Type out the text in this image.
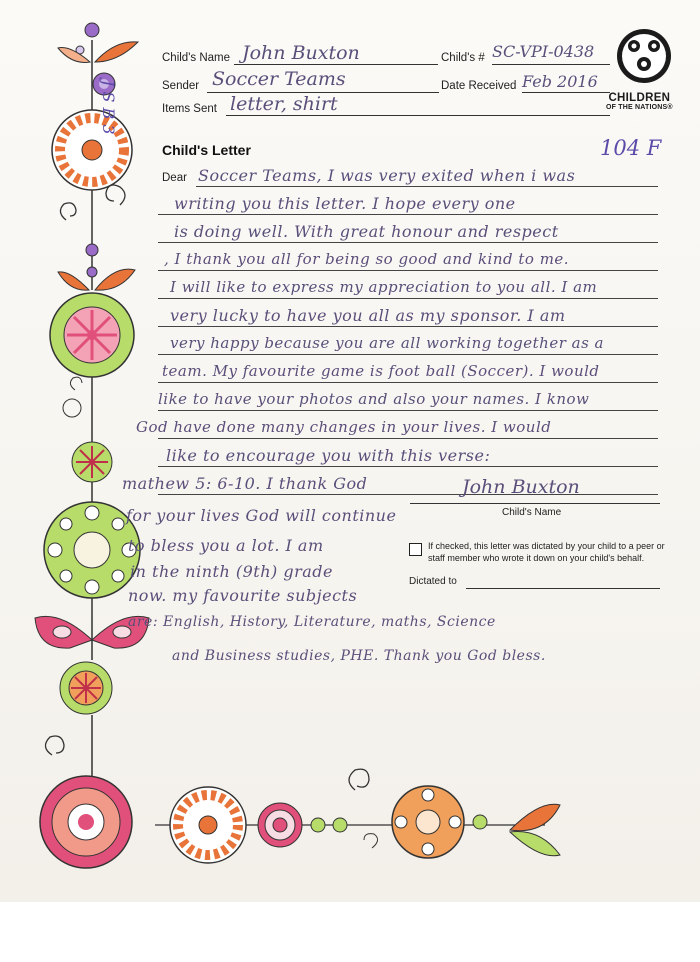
J S B 3
Child's Name John Buxton	Child's # SC-VPI-0438
Sender Soccer Teams	Date Received Feb 2016
Items Sent letter, shirt	CHILDREN
OF THE NATIONS®
104 F
Child's Letter
Dear Soccer Teams, I was very exited when i was
writing you this letter. I hope every one
is doing well. With great honour and respect
, I thank you all for being so good and kind to me.
I will like to express my appreciation to you all. I am
very lucky to have you all as my sponsor. I am
very happy because you are all working together as a
team. My favourite game is foot ball (Soccer). I would
like to have your photos and also your names. I know
God have done many changes in your lives. I would
like to encourage you with this verse:
mathew 5: 6-10. I thank God	John Buxton
Child's Name
for your lives God will continue
to bless you a lot. I am
in the ninth (9th) grade
now. my favourite subjects
are: English, History, Literature, maths, Science
and Business studies, PHE. Thank you God bless.
If checked, this letter was dictated by your child to a peer or staff member who wrote it down on your child's behalf.
Dictated to
